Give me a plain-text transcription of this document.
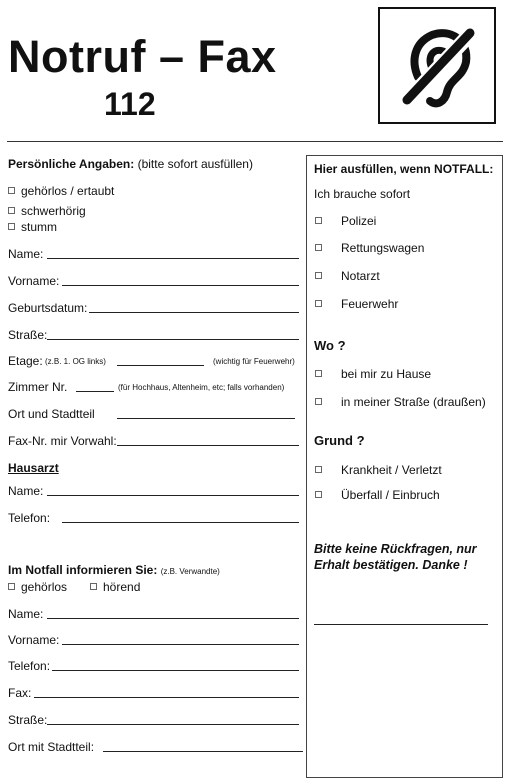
Notruf – Fax
112
Persönliche Angaben: (bitte sofort ausfüllen)
gehörlos / ertaubt
schwerhörig
stumm
Name:
Vorname:
Geburtsdatum:
Straße:
Etage: (z.B. 1. OG links)	(wichtig für Feuerwehr)
Zimmer Nr.	(für Hochhaus, Altenheim, etc; falls vorhanden)
Ort und Stadtteil
Fax-Nr. mir Vorwahl:
Hausarzt
Name:
Telefon:
Im Notfall informieren Sie: (z.B. Verwandte)
gehörlos	hörend
Name:
Vorname:
Telefon:
Fax:
Straße:
Ort mit Stadtteil:
Hier ausfüllen, wenn NOTFALL:
Ich brauche sofort
Polizei
Rettungswagen
Notarzt
Feuerwehr
Wo ?
bei mir zu Hause
in meiner Straße (draußen)
Grund ?
Krankheit / Verletzt
Überfall / Einbruch
Bitte keine Rückfragen, nur
Erhalt bestätigen. Danke !
